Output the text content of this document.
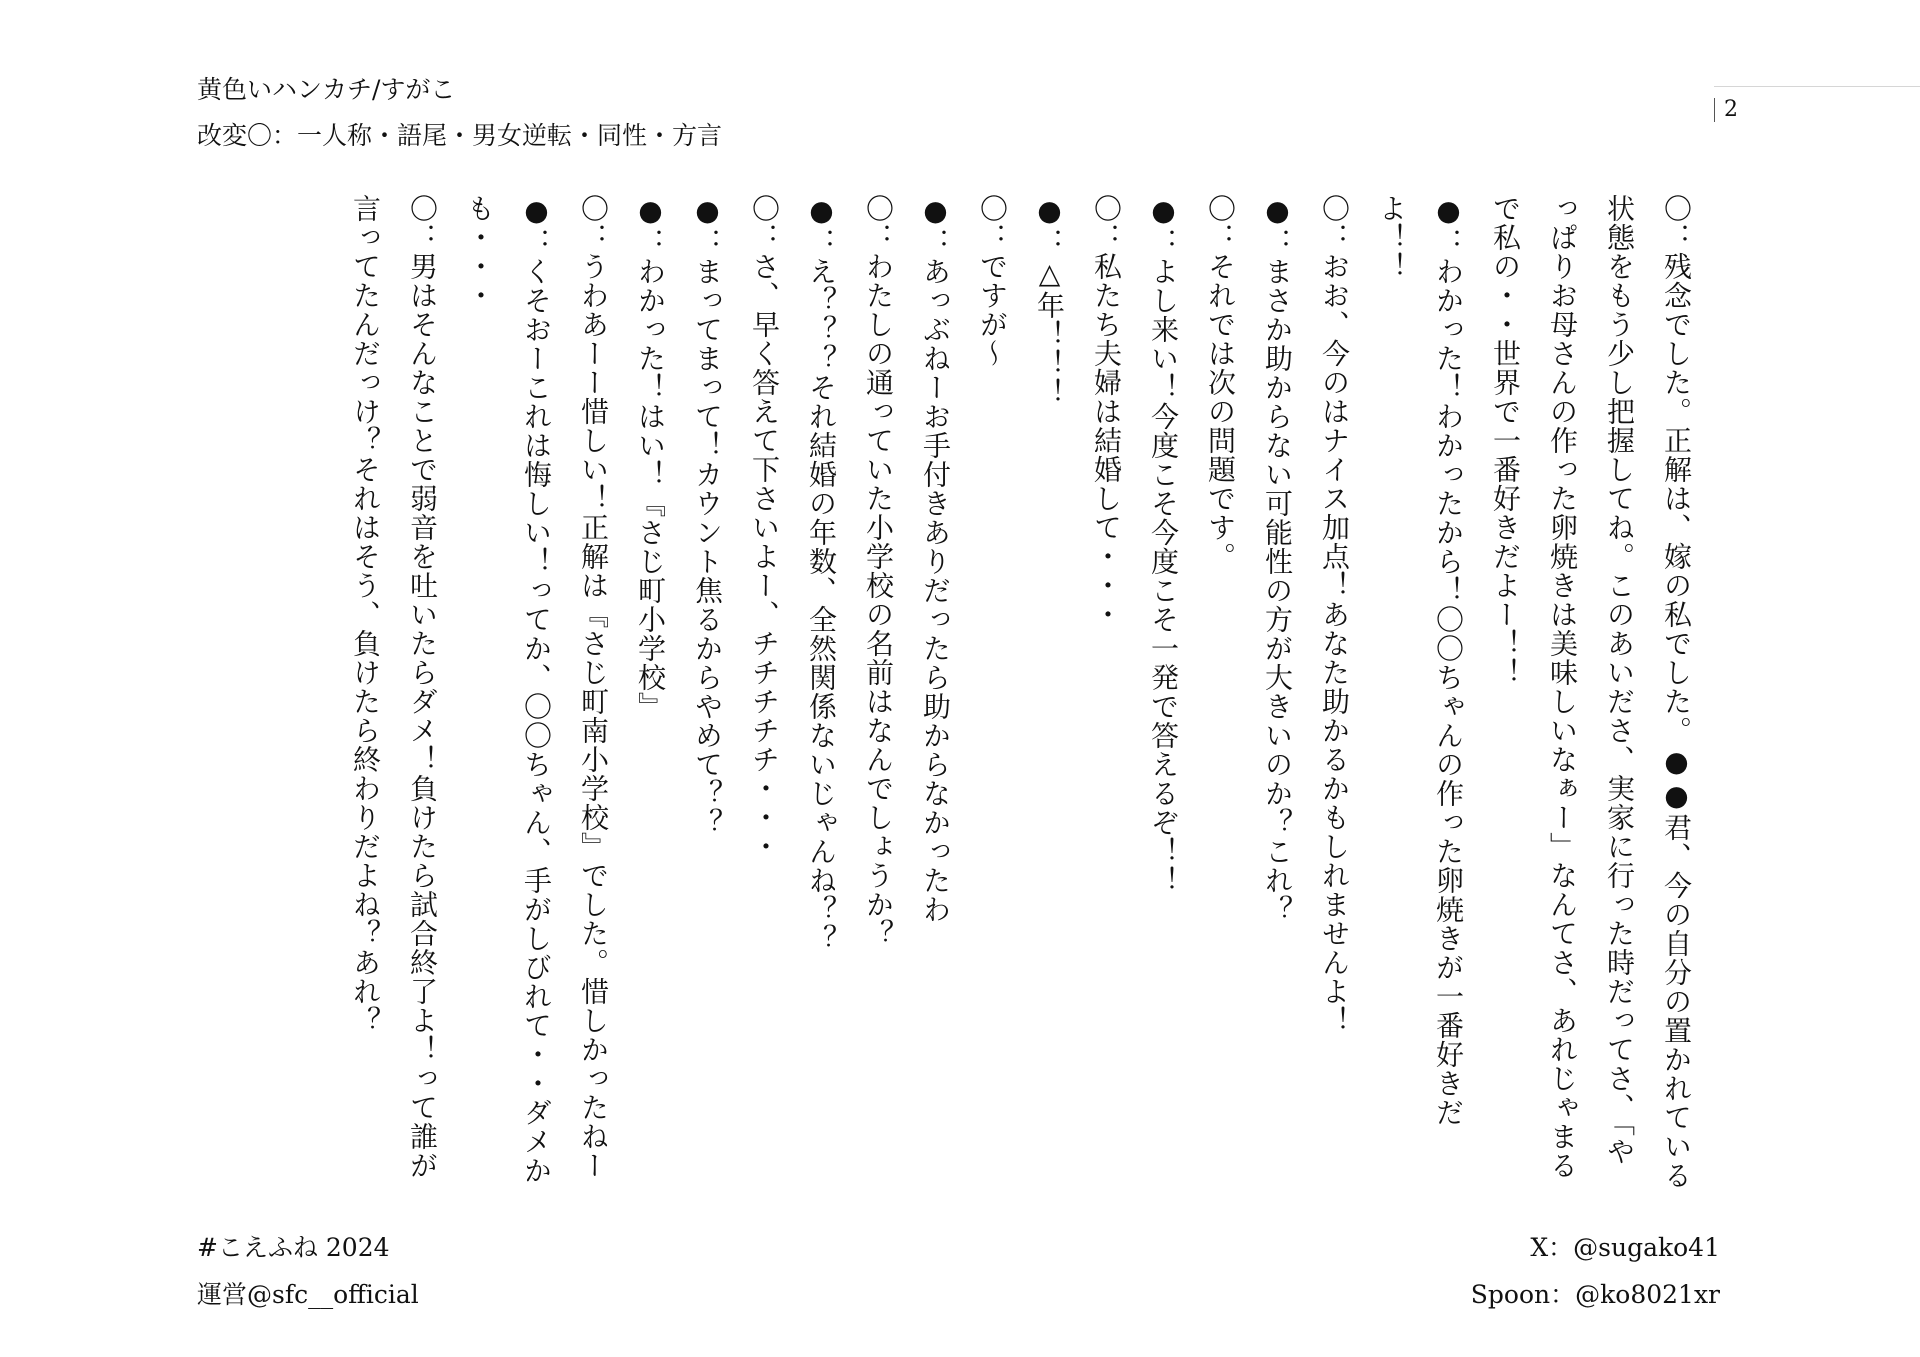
黄色いハンカチ/すがこ
改変〇：一人称・語尾・男女逆転・同性・方言
2
〇：残念でした。正解は、嫁の私でした。●●君、今の自分の置かれている状態をもう少し把握してね。このあいださ、実家に行った時だってさ、「やっぱりお母さんの作った卵焼きは美味しいなぁー」なんてさ、あれじゃまるで私の・・世界で一番好きだよー！！
●：わかった！わかったから！〇〇ちゃんの作った卵焼きが一番好きだよ！！
〇：おお、今のはナイス加点！あなた助かるかもしれませんよ！
●：まさか助からない可能性の方が大きいのか？これ？
〇：それでは次の問題です。
●：よし来い！今度こそ今度こそ一発で答えるぞ！！
〇：私たち夫婦は結婚して・・・
●：△年！！！
〇：ですが〜
●：あっぶねーお手付きありだったら助からなかったわ
〇：わたしの通っていた小学校の名前はなんでしょうか？
●：え？？？それ結婚の年数、全然関係ないじゃんね？？
〇：さ、早く答えて下さいよー、チチチチチ・・・
●：まってまって！カウント焦るからやめて？？
●：わかった！はい！『さじ町小学校』
〇：うわあーー惜しい！正解は『さじ町南小学校』でした。惜しかったねー
●：くそおーこれは悔しい！ってか、〇〇ちゃん、手がしびれて・・ダメかも・・・
〇：男はそんなことで弱音を吐いたらダメ！負けたら試合終了よ！って誰が言ってたんだっけ？それはそう、負けたら終わりだよね？あれ？
#こえふね 2024
運営@sfc__official
X：@sugako41
Spoon：@ko8021xr
